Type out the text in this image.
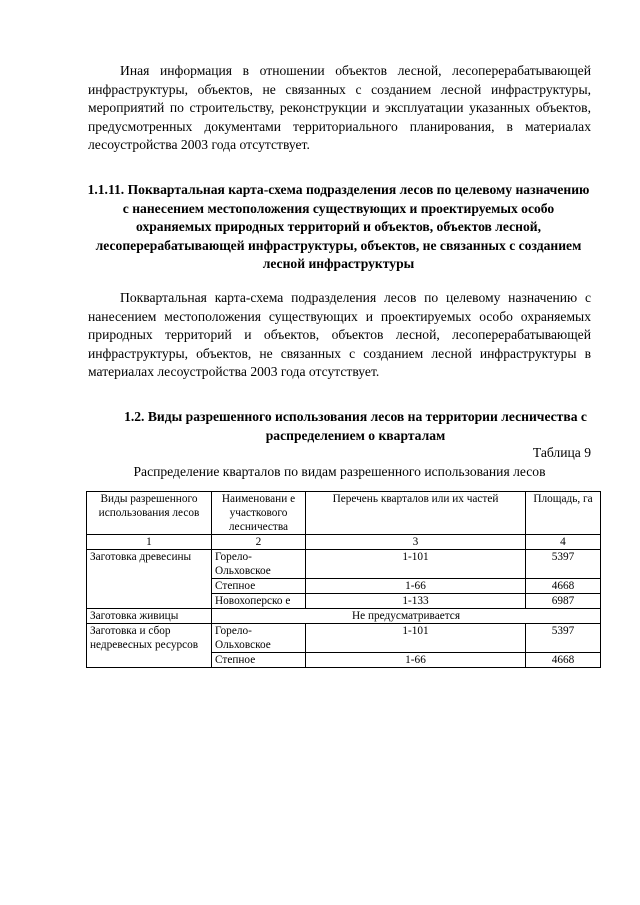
Иная информация в отношении объектов лесной, лесоперерабатывающей инфраструктуры, объектов, не связанных с созданием лесной инфраструктуры, мероприятий по строительству, реконструкции и эксплуатации указанных объектов, предусмотренных документами территориального планирования, в материалах лесоустройства 2003 года отсутствует.

1.1.11. Поквартальная карта-схема подразделения лесов по целевому назначению с нанесением местоположения существующих и проектируемых особо охраняемых природных территорий и объектов, объектов лесной, лесоперерабатывающей инфраструктуры, объектов, не связанных с созданием лесной инфраструктуры

Поквартальная карта-схема подразделения лесов по целевому назначению с нанесением местоположения существующих и проектируемых особо охраняемых природных территорий и объектов, объектов лесной, лесоперерабатывающей инфраструктуры, объектов, не связанных с созданием лесной инфраструктуры в материалах лесоустройства 2003 года отсутствует.

1.2. Виды разрешенного использования лесов на территории лесничества с распределением о кварталам

Таблица 9

Распределение кварталов по видам разрешенного использования лесов

Виды разрешенного использования лесов	Наименовани е участкового лесничества	Перечень кварталов или их частей	Площадь, га
1	2	3	4
Заготовка древесины	Горело-Ольховское	1-101	5397
	Степное	1-66	4668
	Новохоперско е	1-133	6987
Заготовка живицы	Не предусматривается		
Заготовка и сбор недревесных ресурсов	Горело-Ольховское	1-101	5397
	Степное	1-66	4668
